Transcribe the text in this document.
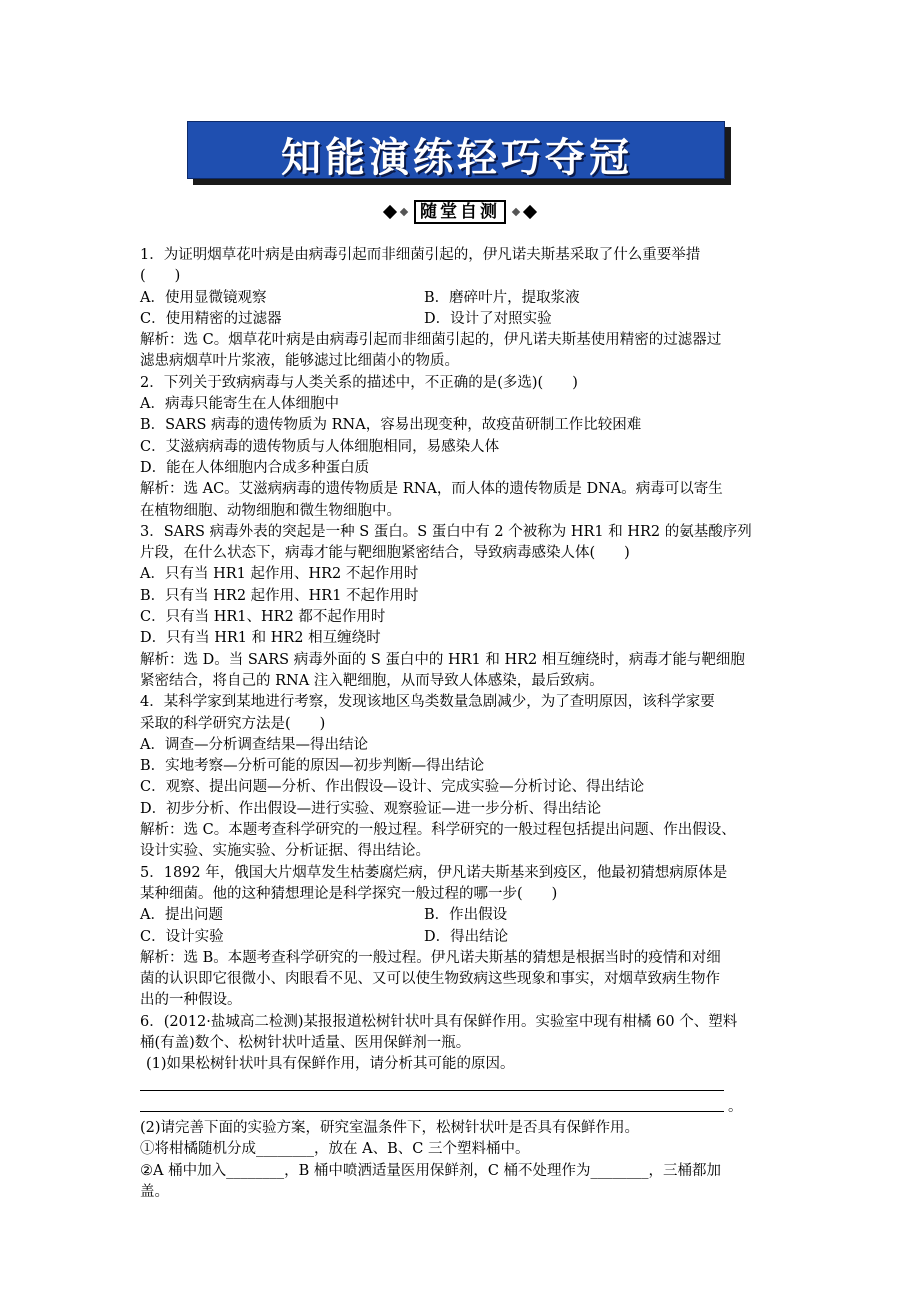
知能演练轻巧夺冠
随堂自测
1．为证明烟草花叶病是由病毒引起而非细菌引起的，伊凡诺夫斯基采取了什么重要举措
(　　)
A．使用显微镜观察	B．磨碎叶片，提取浆液
C．使用精密的过滤器	D．设计了对照实验
解析：选 C。烟草花叶病是由病毒引起而非细菌引起的，伊凡诺夫斯基使用精密的过滤器过
滤患病烟草叶片浆液，能够滤过比细菌小的物质。
2．下列关于致病病毒与人类关系的描述中，不正确的是(多选)(　　)
A．病毒只能寄生在人体细胞中
B．SARS 病毒的遗传物质为 RNA，容易出现变种，故疫苗研制工作比较困难
C．艾滋病病毒的遗传物质与人体细胞相同，易感染人体
D．能在人体细胞内合成多种蛋白质
解析：选 AC。艾滋病病毒的遗传物质是 RNA，而人体的遗传物质是 DNA。病毒可以寄生
在植物细胞、动物细胞和微生物细胞中。
3．SARS 病毒外表的突起是一种 S 蛋白。S 蛋白中有 2 个被称为 HR1 和 HR2 的氨基酸序列
片段，在什么状态下，病毒才能与靶细胞紧密结合，导致病毒感染人体(　　)
A．只有当 HR1 起作用、HR2 不起作用时
B．只有当 HR2 起作用、HR1 不起作用时
C．只有当 HR1、HR2 都不起作用时
D．只有当 HR1 和 HR2 相互缠绕时
解析：选 D。当 SARS 病毒外面的 S 蛋白中的 HR1 和 HR2 相互缠绕时，病毒才能与靶细胞
紧密结合，将自己的 RNA 注入靶细胞，从而导致人体感染，最后致病。
4．某科学家到某地进行考察，发现该地区鸟类数量急剧减少，为了查明原因，该科学家要
采取的科学研究方法是(　　)
A．调查—分析调查结果—得出结论
B．实地考察—分析可能的原因—初步判断—得出结论
C．观察、提出问题—分析、作出假设—设计、完成实验—分析讨论、得出结论
D．初步分析、作出假设—进行实验、观察验证—进一步分析、得出结论
解析：选 C。本题考查科学研究的一般过程。科学研究的一般过程包括提出问题、作出假设、
设计实验、实施实验、分析证据、得出结论。
5．1892 年，俄国大片烟草发生枯萎腐烂病，伊凡诺夫斯基来到疫区，他最初猜想病原体是
某种细菌。他的这种猜想理论是科学探究一般过程的哪一步(　　)
A．提出问题	B．作出假设
C．设计实验	D．得出结论
解析：选 B。本题考查科学研究的一般过程。伊凡诺夫斯基的猜想是根据当时的疫情和对细
菌的认识即它很微小、肉眼看不见、又可以使生物致病这些现象和事实，对烟草致病生物作
出的一种假设。
6．(2012·盐城高二检测)某报报道松树针状叶具有保鲜作用。实验室中现有柑橘 60 个、塑料
桶(有盖)数个、松树针状叶适量、医用保鲜剂一瓶。
(1)如果松树针状叶具有保鲜作用，请分析其可能的原因。
。
(2)请完善下面的实验方案，研究室温条件下，松树针状叶是否具有保鲜作用。
①将柑橘随机分成________，放在 A、B、C 三个塑料桶中。
②A 桶中加入________，B 桶中喷洒适量医用保鲜剂，C 桶不处理作为________，三桶都加
盖。
